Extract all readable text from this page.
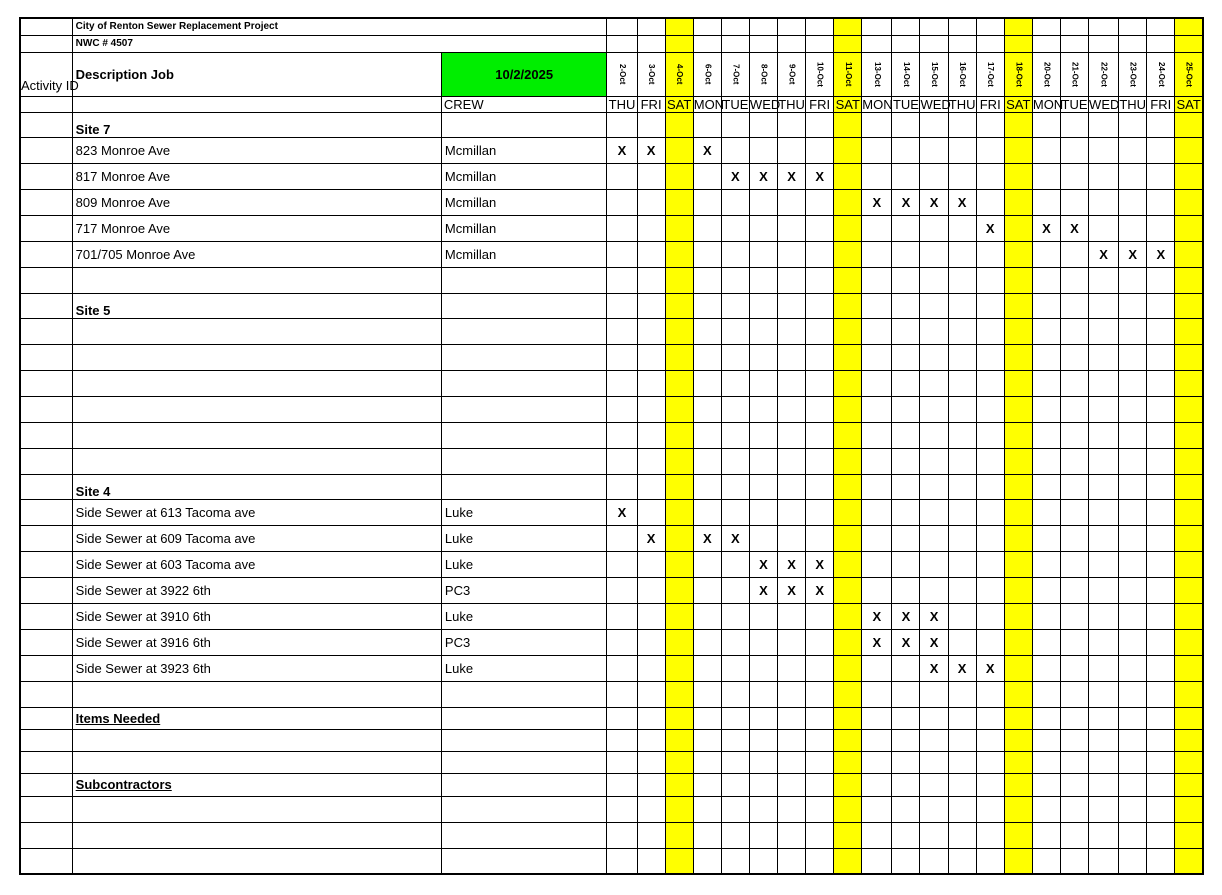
	City of Renton Sewer Replacement Project																						
	NWC # 4507																						
Activity ID	Description Job	10/2/2025	2-Oct	3-Oct	4-Oct	6-Oct	7-Oct	8-Oct	9-Oct	10-Oct	11-Oct	13-Oct	14-Oct	15-Oct	16-Oct	17-Oct	18-Oct	20-Oct	21-Oct	22-Oct	23-Oct	24-Oct	25-Oct

		CREW	THU	FRI	SAT	MON	TUE	WED	THU	FRI	SAT	MON	TUE	WED	THU	FRI	SAT	MON	TUE	WED	THU	FRI	SAT
	Site 7																						
	823 Monroe Ave	Mcmillan	X	X		X																	
	817 Monroe Ave	Mcmillan					X	X	X	X													
	809 Monroe Ave	Mcmillan										X	X	X	X								
	717 Monroe Ave	Mcmillan														X		X	X				
	701/705 Monroe Ave	Mcmillan																		X	X	X	

	Site 5																						

	Site 4																						
	Side Sewer at 613 Tacoma ave	Luke	X																				
	Side Sewer at 609 Tacoma ave	Luke		X		X	X																
	Side Sewer at 603 Tacoma ave	Luke						X	X	X													
	Side Sewer at 3922 6th	PC3						X	X	X													
	Side Sewer at 3910 6th	Luke										X	X	X									
	Side Sewer at 3916 6th	PC3										X	X	X									
	Side Sewer at 3923 6th	Luke												X	X	X							

	Items Needed																						

	Subcontractors																						
